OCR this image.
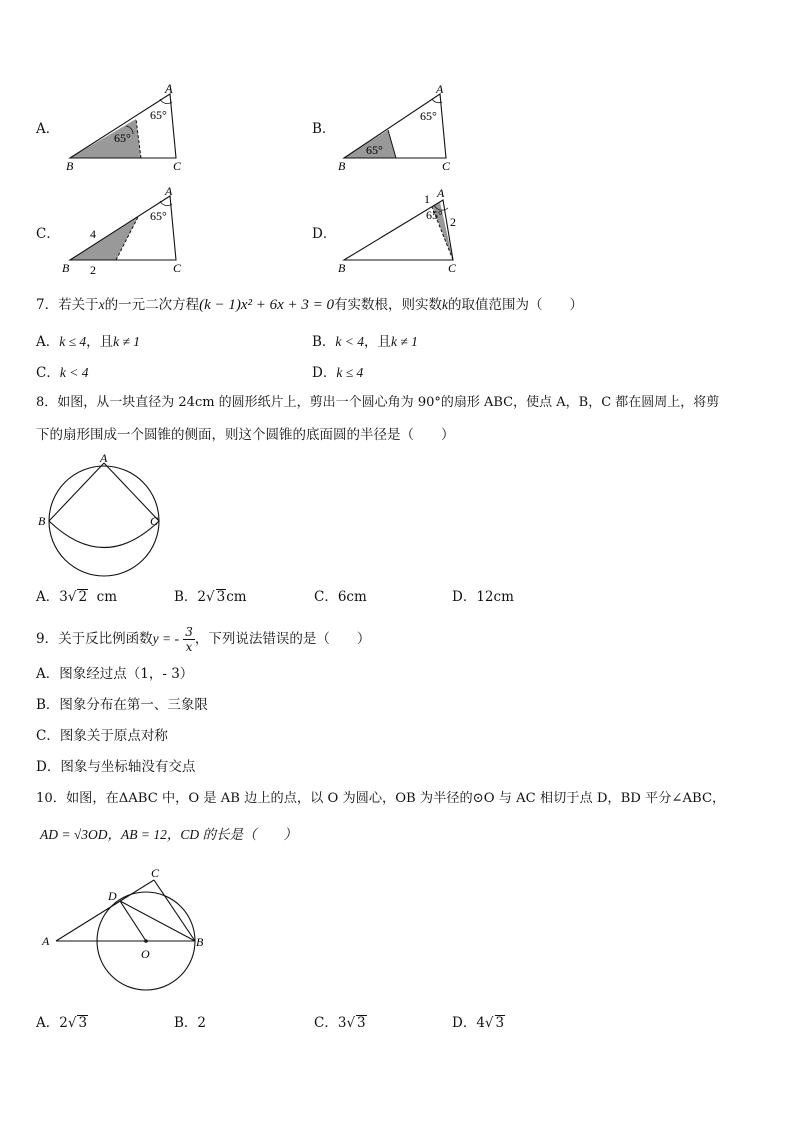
A．
A
65°
65°
B	C
B．
A
65°
65°
B	C
C．
A
65°
4
2
B	C
D．
A
1
2
65°
B	C
7．若关于x的一元二次方程(k − 1)x² + 6x + 3 = 0有实数根，则实数k的取值范围为（　　）
A．k ≤ 4，且k ≠ 1	B．k < 4，且k ≠ 1
C．k < 4	D．k ≤ 4
8．如图，从一块直径为 24cm 的圆形纸片上，剪出一个圆心角为 90°的扇形 ABC，使点 A，B，C 都在圆周上，将剪
下的扇形围成一个圆锥的侧面，则这个圆锥的底面圆的半径是（　　）
A
B	C
A．3√ 2 cm	B．2√ 3cm	C．6cm	D．12cm
9．关于反比例函数y = - $\frac{3}{x}$ ，下列说法错误的是（　　）
A．图象经过点（1，- 3）
B．图象分布在第一、三象限
C．图象关于原点对称
D．图象与坐标轴没有交点
10．如图，在ΔABC 中，O 是 AB 边上的点，以 O 为圆心，OB 为半径的⊙O 与 AC 相切于点 D，BD 平分∠ABC，
AD = √3OD，AB = 12，CD 的长是（　　）
C
D
A	B
O
A．2√ 3	B．2	C．3√ 3	D．4√ 3
